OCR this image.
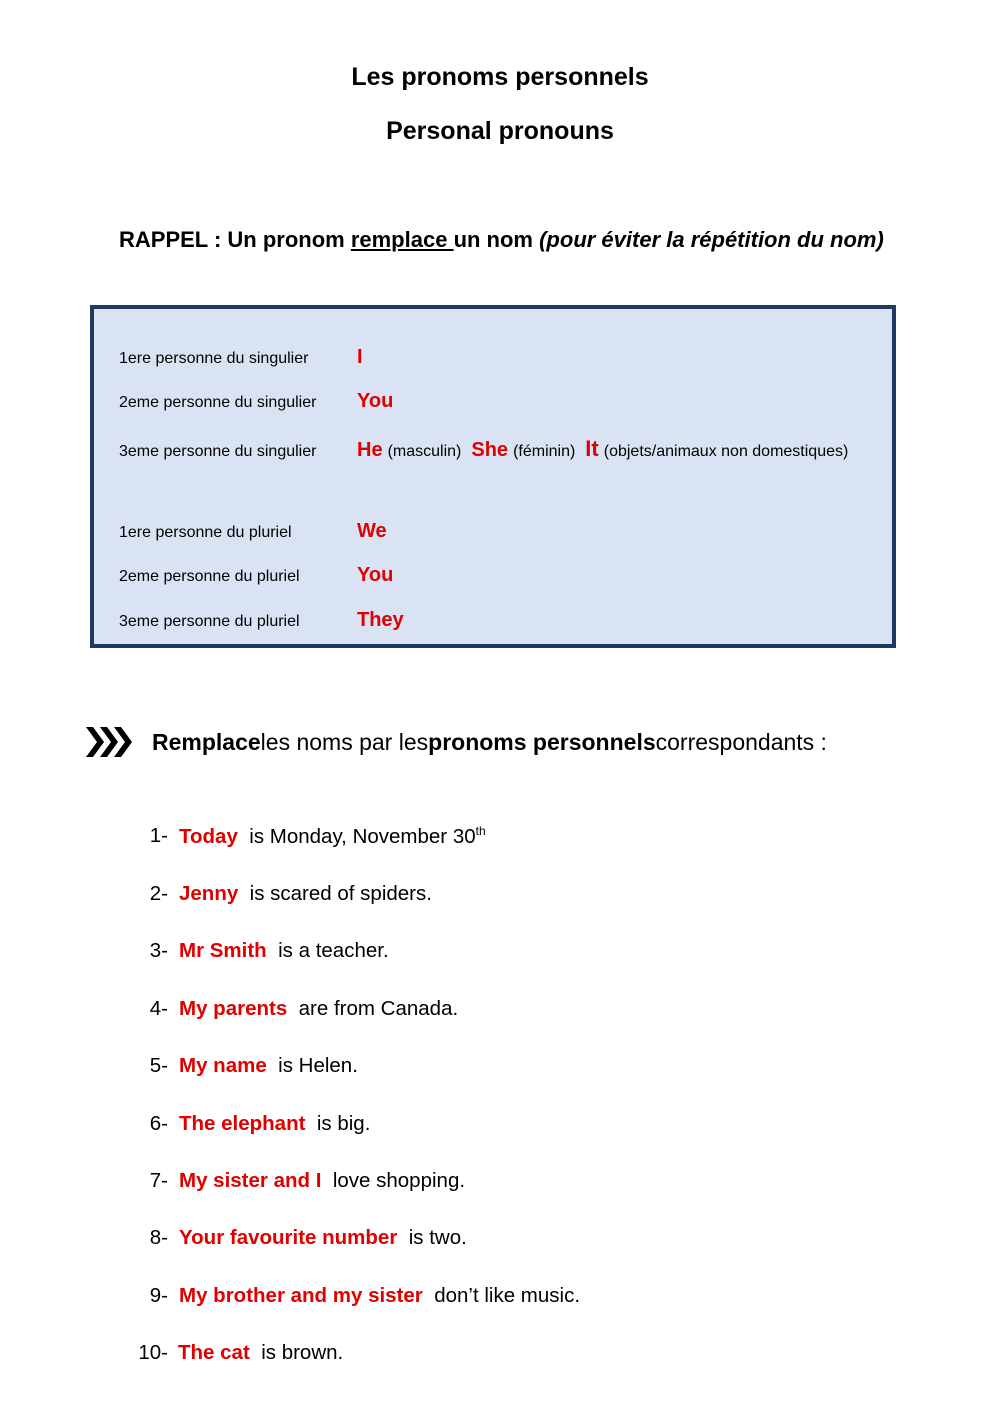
Les pronoms personnels
Personal pronouns
RAPPEL : Un pronom remplace un nom (pour éviter la répétition du nom)
1ere personne du singulier	I
2eme personne du singulier	You
3eme personne du singulier	He (masculin) She (féminin) It (objets/animaux non domestiques)
1ere personne du pluriel	We
2eme personne du pluriel	You
3eme personne du pluriel	They
Remplace les noms par les pronoms personnels correspondants :
1- Today is Monday, November 30th
2- Jenny is scared of spiders.
3- Mr Smith is a teacher.
4- My parents are from Canada.
5- My name is Helen.
6- The elephant is big.
7- My sister and I love shopping.
8- Your favourite number is two.
9- My brother and my sister don’t like music.
10- The cat is brown.
